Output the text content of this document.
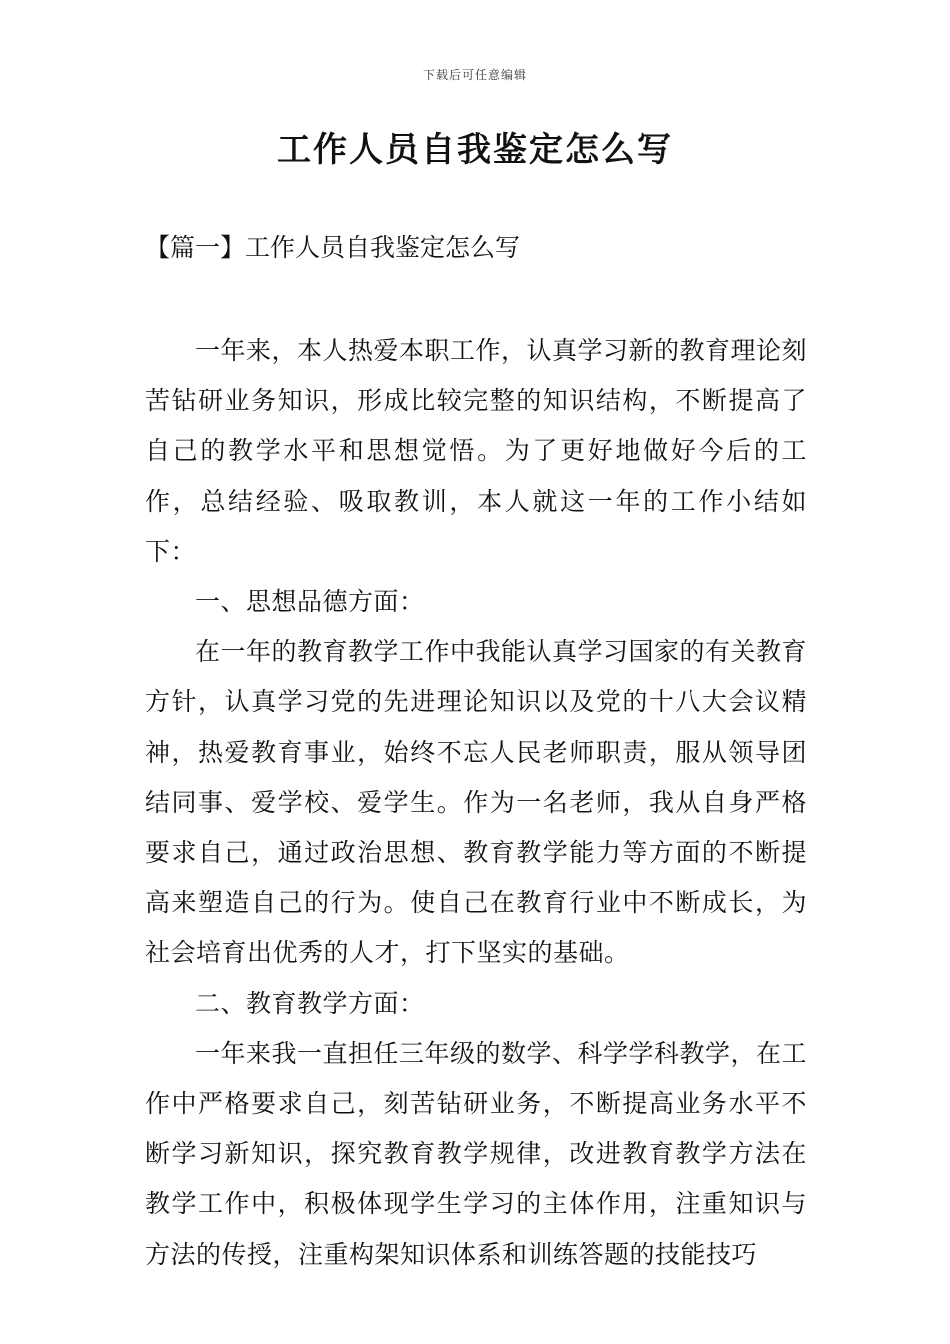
下载后可任意编辑
工作人员自我鉴定怎么写
【篇一】工作人员自我鉴定怎么写

一年来，本人热爱本职工作，认真学习新的教育理论刻苦钻研业务知识，形成比较完整的知识结构，不断提高了自己的教学水平和思想觉悟。为了更好地做好今后的工作，总结经验、吸取教训，本人就这一年的工作小结如下：

一、思想品德方面：

在一年的教育教学工作中我能认真学习国家的有关教育方针，认真学习党的先进理论知识以及党的十八大会议精神，热爱教育事业，始终不忘人民老师职责，服从领导团结同事、爱学校、爱学生。作为一名老师，我从自身严格要求自己，通过政治思想、教育教学能力等方面的不断提高来塑造自己的行为。使自己在教育行业中不断成长，为社会培育出优秀的人才，打下坚实的基础。

二、教育教学方面：

一年来我一直担任三年级的数学、科学学科教学，在工作中严格要求自己，刻苦钻研业务，不断提高业务水平不断学习新知识，探究教育教学规律，改进教育教学方法在教学工作中，积极体现学生学习的主体作用，注重知识与方法的传授，注重构架知识体系和训练答题的技能技巧
